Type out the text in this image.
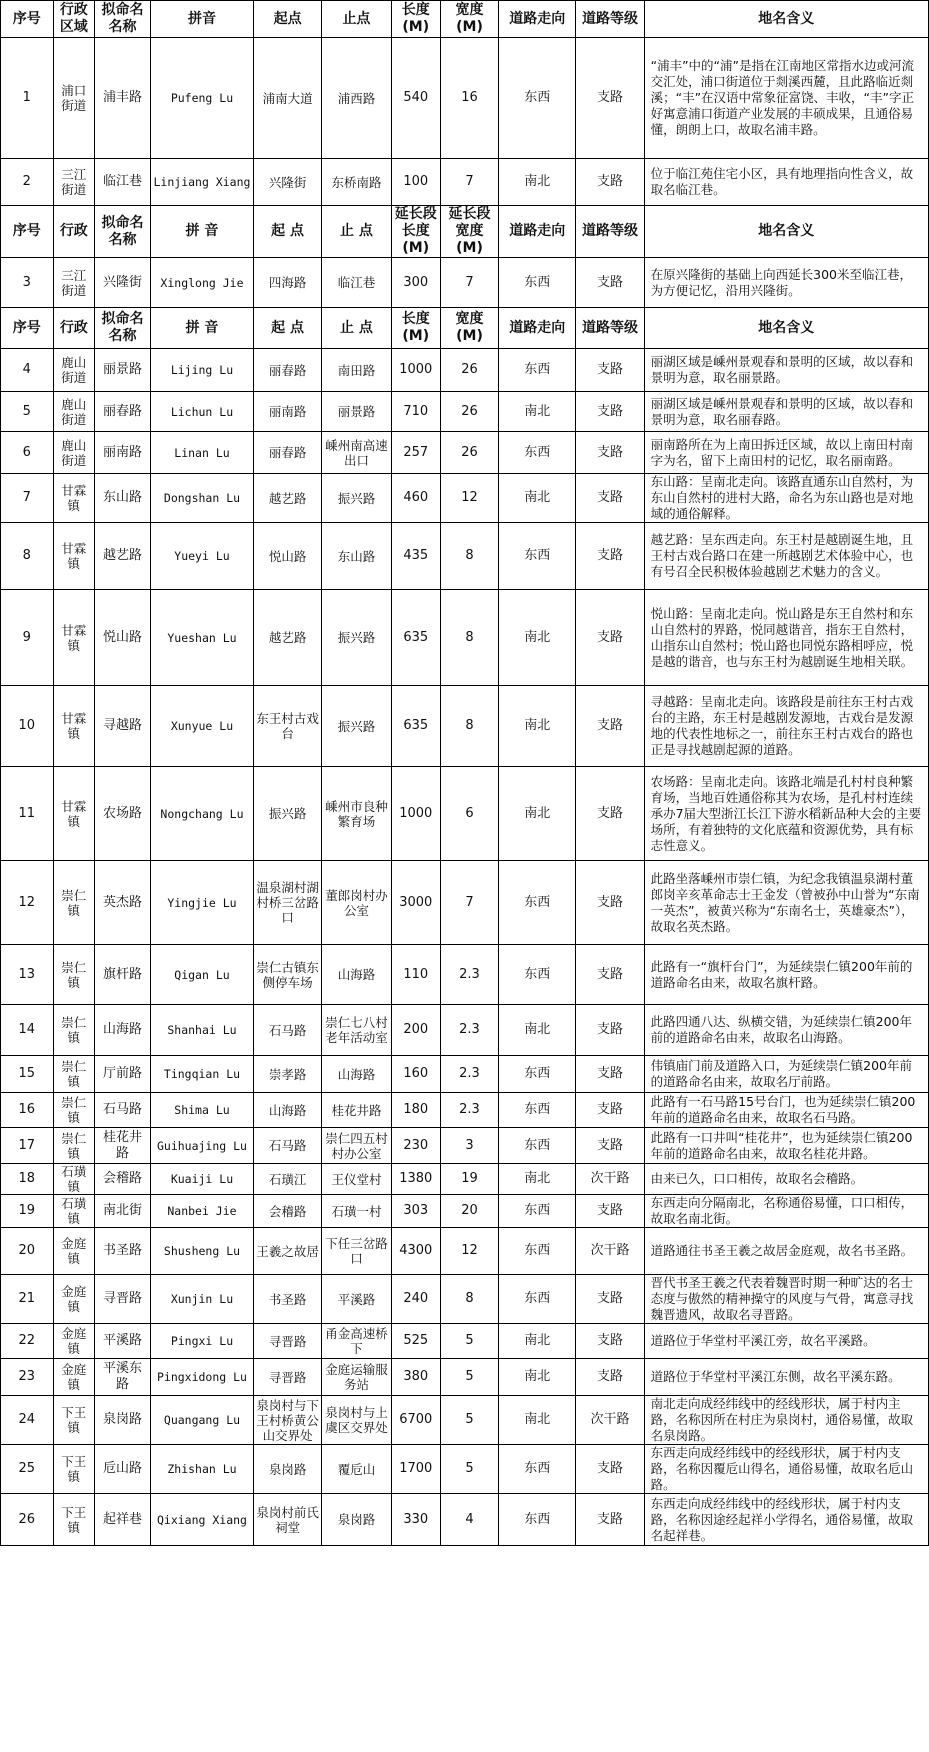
序号	行政区域	拟命名名称	拼音	起点	止点	长度(M)	宽度(M)	道路走向	道路等级	地名含义
1	浦口街道	浦丰路	Pufeng Lu	浦南大道	浦西路	540	16	东西	支路	“浦丰”中的“浦”是指在江南地区常指水边或河流交汇处，浦口街道位于剡溪西麓，且此路临近剡溪；“丰”在汉语中常象征富饶、丰收，“丰”字正好寓意浦口街道产业发展的丰硕成果，且通俗易懂，朗朗上口，故取名浦丰路。
2	三江街道	临江巷	Linjiang Xiang	兴隆街	东桥南路	100	7	南北	支路	位于临江苑住宅小区，具有地理指向性含义，故取名临江巷。
序号	行政	拟命名名称	拼 音	起 点	止 点	延长段长度(M)	延长段宽度(M)	道路走向	道路等级	地名含义
3	三江街道	兴隆街	Xinglong Jie	四海路	临江巷	300	7	东西	支路	在原兴隆街的基础上向西延长300米至临江巷，为方便记忆，沿用兴隆街。
序号	行政	拟命名名称	拼 音	起 点	止 点	长度(M)	宽度(M)	道路走向	道路等级	地名含义
4	鹿山街道	丽景路	Lijing Lu	丽春路	南田路	1000	26	东西	支路	丽湖区域是嵊州景观春和景明的区域，故以春和景明为意，取名丽景路。
5	鹿山街道	丽春路	Lichun Lu	丽南路	丽景路	710	26	南北	支路	丽湖区域是嵊州景观春和景明的区域，故以春和景明为意，取名丽春路。
6	鹿山街道	丽南路	Linan Lu	丽春路	嵊州南高速出口	257	26	东西	支路	丽南路所在为上南田拆迁区域，故以上南田村南字为名，留下上南田村的记忆，取名丽南路。
7	甘霖镇	东山路	Dongshan Lu	越艺路	振兴路	460	12	南北	支路	东山路：呈南北走向。该路直通东山自然村，为东山自然村的进村大路，命名为东山路也是对地域的通俗解释。
8	甘霖镇	越艺路	Yueyi Lu	悦山路	东山路	435	8	东西	支路	越艺路：呈东西走向。东王村是越剧诞生地，且王村古戏台路口在建一所越剧艺术体验中心，也有号召全民积极体验越剧艺术魅力的含义。
9	甘霖镇	悦山路	Yueshan Lu	越艺路	振兴路	635	8	南北	支路	悦山路：呈南北走向。悦山路是东王自然村和东山自然村的界路，悦同越谐音，指东王自然村，山指东山自然村；悦山路也同悦东路相呼应，悦是越的谐音，也与东王村为越剧诞生地相关联。
10	甘霖镇	寻越路	Xunyue Lu	东王村古戏台	振兴路	635	8	南北	支路	寻越路：呈南北走向。该路段是前往东王村古戏台的主路，东王村是越剧发源地，古戏台是发源地的代表性地标之一，前往东王村古戏台的路也正是寻找越剧起源的道路。
11	甘霖镇	农场路	Nongchang Lu	振兴路	嵊州市良种繁育场	1000	6	南北	支路	农场路：呈南北走向。该路北端是孔村村良种繁育场，当地百姓通俗称其为农场，是孔村村连续承办7届大型浙江长江下游水稻新品种大会的主要场所，有着独特的文化底蕴和资源优势，具有标志性意义。
12	崇仁镇	英杰路	Yingjie Lu	温泉湖村湖村桥三岔路口	董郎岗村办公室	3000	7	东西	支路	此路坐落嵊州市崇仁镇，为纪念我镇温泉湖村董郎岗辛亥革命志士王金发（曾被孙中山誉为“东南一英杰”，被黄兴称为“东南名士，英雄豪杰”），故取名英杰路。
13	崇仁镇	旗杆路	Qigan Lu	崇仁古镇东侧停车场	山海路	110	2.3	东西	支路	此路有一“旗杆台门”，为延续崇仁镇200年前的道路命名由来，故取名旗杆路。
14	崇仁镇	山海路	Shanhai Lu	石马路	崇仁七八村老年活动室	200	2.3	南北	支路	此路四通八达、纵横交错，为延续崇仁镇200年前的道路命名由来，故取名山海路。
15	崇仁镇	厅前路	Tingqian Lu	崇孝路	山海路	160	2.3	东西	支路	伟镇庙门前及道路入口，为延续崇仁镇200年前的道路命名由来，故取名厅前路。
16	崇仁镇	石马路	Shima Lu	山海路	桂花井路	180	2.3	东西	支路	此路有一石马路15号台门，也为延续崇仁镇200年前的道路命名由来，故取名石马路。
17	崇仁镇	桂花井路	Guihuajing Lu	石马路	崇仁四五村村办公室	230	3	东西	支路	此路有一口井叫“桂花井”，也为延续崇仁镇200年前的道路命名由来，故取名桂花井路。
18	石璜镇	会稽路	Kuaiji Lu	石璜江	王仪堂村	1380	19	南北	次干路	由来已久，口口相传，故取名会稽路。
19	石璜镇	南北街	Nanbei Jie	会稽路	石璜一村	303	20	东西	支路	东西走向分隔南北，名称通俗易懂，口口相传，故取名南北街。
20	金庭镇	书圣路	Shusheng Lu	王羲之故居	下任三岔路口	4300	12	东西	次干路	道路通往书圣王羲之故居金庭观，故名书圣路。
21	金庭镇	寻晋路	Xunjin Lu	书圣路	平溪路	240	8	东西	支路	晋代书圣王羲之代表着魏晋时期一种旷达的名士态度与傲然的精神操守的风度与气骨，寓意寻找魏晋遗风，故取名寻晋路。
22	金庭镇	平溪路	Pingxi Lu	寻晋路	甬金高速桥下	525	5	南北	支路	道路位于华堂村平溪江旁，故名平溪路。
23	金庭镇	平溪东路	Pingxidong Lu	寻晋路	金庭运输服务站	380	5	南北	支路	道路位于华堂村平溪江东侧，故名平溪东路。
24	下王镇	泉岗路	Quangang Lu	泉岗村与下王村桥黄公山交界处	泉岗村与上虞区交界处	6700	5	南北	次干路	南北走向成经纬线中的经线形状，属于村内主路，名称因所在村庄为泉岗村，通俗易懂，故取名泉岗路。
25	下王镇	卮山路	Zhishan Lu	泉岗路	覆卮山	1700	5	东西	支路	东西走向成经纬线中的经线形状，属于村内支路，名称因覆卮山得名，通俗易懂，故取名卮山路。
26	下王镇	起祥巷	Qixiang Xiang	泉岗村前氏祠堂	泉岗路	330	4	东西	支路	东西走向成经纬线中的经线形状，属于村内支路，名称因途经起祥小学得名，通俗易懂，故取名起祥巷。
